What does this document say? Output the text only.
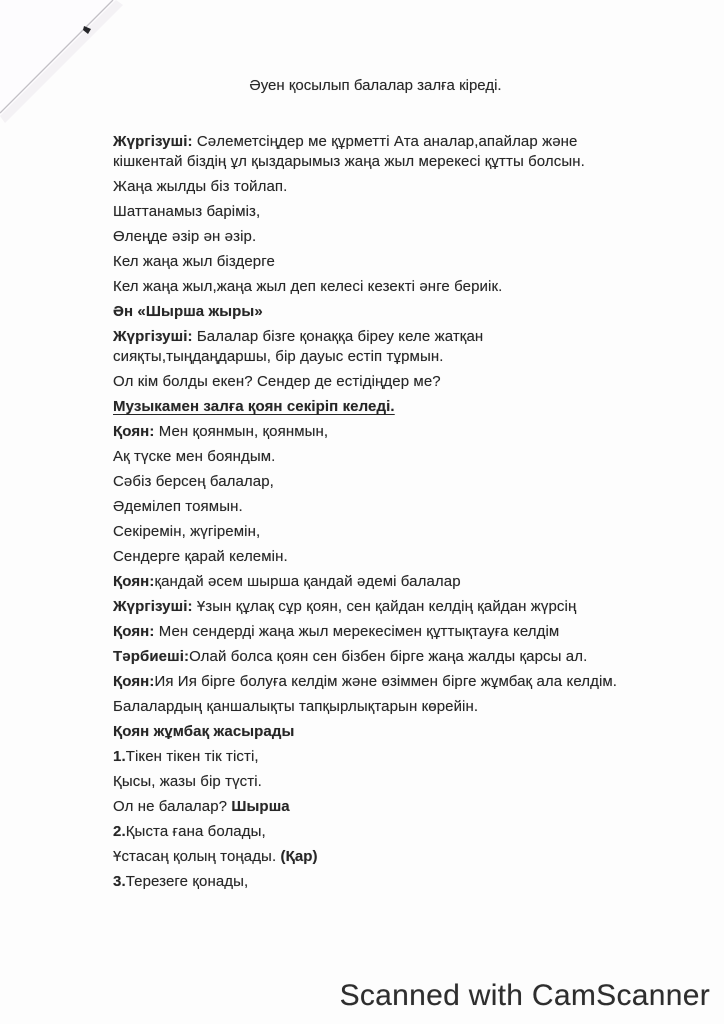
Әуен қосылып балалар залға кіреді.

Жүргізуші: Сәлеметсіңдер ме құрметті Ата аналар,апайлар және кішкентай біздің ұл қыздарымыз жаңа жыл мерекесі құтты болсын.

Жаңа жылды біз тойлап.

Шаттанамыз баріміз,

Өлеңде әзір ән әзір.

Кел жаңа жыл біздерге

Кел жаңа жыл,жаңа жыл деп келесі кезекті әнге бериік.

Ән «Шырша жыры»

Жүргізуші: Балалар бізге қонаққа біреу келе жатқан сияқты,тыңдаңдаршы, бір дауыс естіп тұрмын.

Ол кім болды екен? Сендер де естідіңдер ме?

Музыкамен залға қоян секіріп келеді.

Қоян: Мен қоянмын, қоянмын,

Ақ түске мен бояндым.

Сәбіз берсең балалар,

Әдемілеп тоямын.

Секіремін, жүгіремін,

Сендерге қарай келемін.

Қоян:қандай әсем шырша қандай әдемі балалар

Жүргізуші: Ұзын құлақ сұр қоян, сен қайдан келдің қайдан жүрсің

Қоян: Мен сендерді жаңа жыл мерекесімен құттықтауға келдім

Тәрбиеші:Олай болса қоян сен бізбен бірге жаңа жалды қарсы ал.

Қоян:Ия Ия бірге болуға келдім және өзіммен бірге жұмбақ ала келдім.

Балалардың қаншалықты тапқырлықтарын көрейін.

Қоян жұмбақ жасырады

1.Тікен тікен тік тісті,

Қысы, жазы бір түсті.

Ол не балалар? Шырша

2.Қыста ғана болады,

Ұстасаң қолың тоңады. (Қар)

3.Терезеге қонады,

Scanned with CamScanner
